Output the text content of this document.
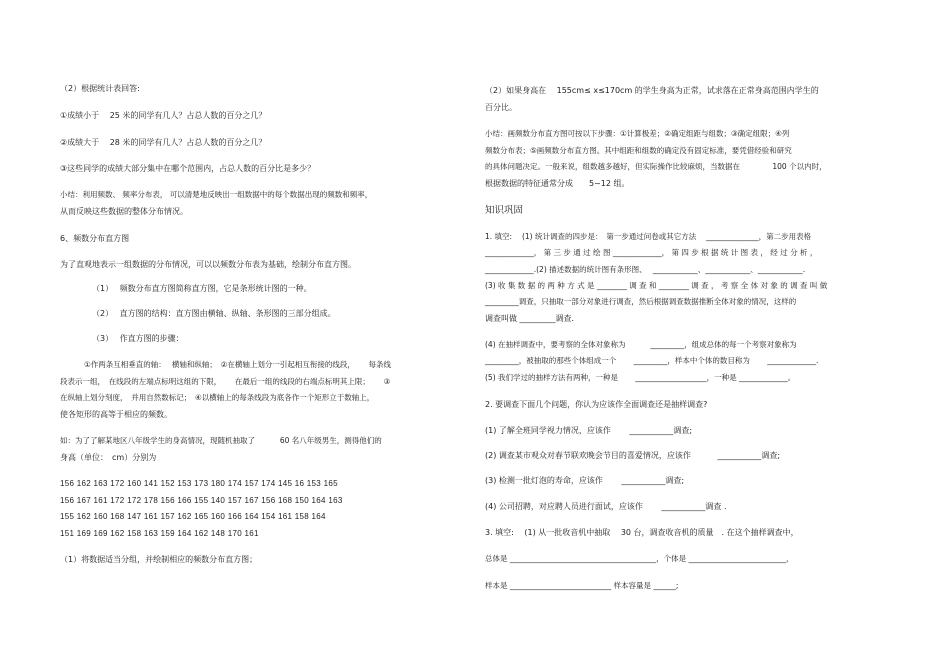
（2）根据统计表回答:
①成绩小于　 25 米的同学有几人？占总人数的百分之几？
②成绩大于　 28 米的同学有几人？占总人数的百分之几？
③这些同学的成绩大部分集中在哪个范围内，占总人数的百分比是多少？
小结：利用频数、 频率分布表， 可以清楚地反映出一组数据中的每个数据出现的频数和频率，
从而反映这些数据的整体分布情况。
6、频数分布直方图
为了直观地表示一组数据的分布情况，可以以频数分布表为基础，绘制分布直方图。
（1）　 频数分布直方图简称直方图，它是条形统计图的一种。
（2）　 直方图的结构：直方图由横轴、纵轴、条形图的三部分组成。
（3）　 作直方图的步骤：
①作两条互相垂直的轴：　 横轴和纵轴；　②在横轴上划分一引起相互衔接的线段，　　 每条线
段表示一组，　在线段的左端点标明这组的下限，　　 在最后一组的线段的右端点标明其上限；　　 ③
在纵轴上划分刻度，　并用自然数标记；　④以横轴上的每条线段为底各作一个矩形立于数轴上，
使各矩形的高等于相应的频数。
如：为了了解某地区八年级学生的身高情况，现随机抽取了　　　 60 名八年级男生，测得他们的
身高（单位：　cm）分别为
156 162 163 172 160 141 152 153 173 180 174 157 174 145 16 153 165
156 167 161 172 172 178 156 166 155 140 157 167 156 168 150 164 163
155 162 160 168 147 161 157 162 165 160 166 164 154 161 158 164
151 169 169 162 158 163 159 164 162 148 170 161
（1）将数据适当分组，并绘制相应的频数分布直方图；
（2）如果身高在　 155cm≤ x≤170cm 的学生身高为正常，试求落在正常身高范围内学生的
百分比。
小结：画频数分布直方图可按以下步骤：①计算极差；②确定组距与组数；③确定组限；④列
频数分布表；⑤画频数分布直方图。其中组距和组数的确定没有固定标准，要凭借经验和研究
的具体问题决定。一般来说，组数越多越好，但实际操作比较麻烦，当数据在　　　　 100 个以内时，
根据数据的特征通常分成　　5~12 组。
知识巩固
1. 填空:　 (1) 统计调查的四步是：　第一步通过问卷或其它方法　 ______________，第二步用表格
_____________， 第 三 步 通 过 绘 图 _____________， 第 四 步 根 据 统 计 图 表 ， 经 过 分 析 ，
_____________.(2) 描述数据的统计图有条形图、　 ____________、____________、____________.
(3) 收 集 数 据 的 两 种 方 式 是 ________ 调 查 和 ________ 调 查 ， 考 察 全 体 对 象 的 调 查 叫 做
_________调查，只抽取一部分对象进行调查，然后根据调查数据推断全体对象的情况，这样的
调查叫做 _________调查．
(4) 在抽样调查中，要考察的全体对象称为　　　 _________，组成总体的每一个考察对象称为
_________，被抽取的那些个体组成一个　　 _________，样本中个体的数目称为　　 _____________.
(5) 我们学过的抽样方法有两种，一种是　　 ___________________，一种是 _____________。
2. 要调查下面几个问题，你认为应该作全面调查还是抽样调查?
(1) 了解全班同学视力情况，应该作　　 ___________调查;
(2) 调查某市观众对春节联欢晚会节目的喜爱情况，应该作　　　 ___________调查;
(3) 检测一批灯泡的寿命，应该作　　 ___________调查;
(4) 公司招聘，对应聘人员进行面试，应该作　　 ___________调查 .
3. 填空:　 (1) 从一批收音机中抽取　 30 台，调查收音机的质量　. 在这个抽样调查中，
总体是 _______________________________________，个体是 __________________________，
样本是 ___________________________ 样本容量是 ______;
